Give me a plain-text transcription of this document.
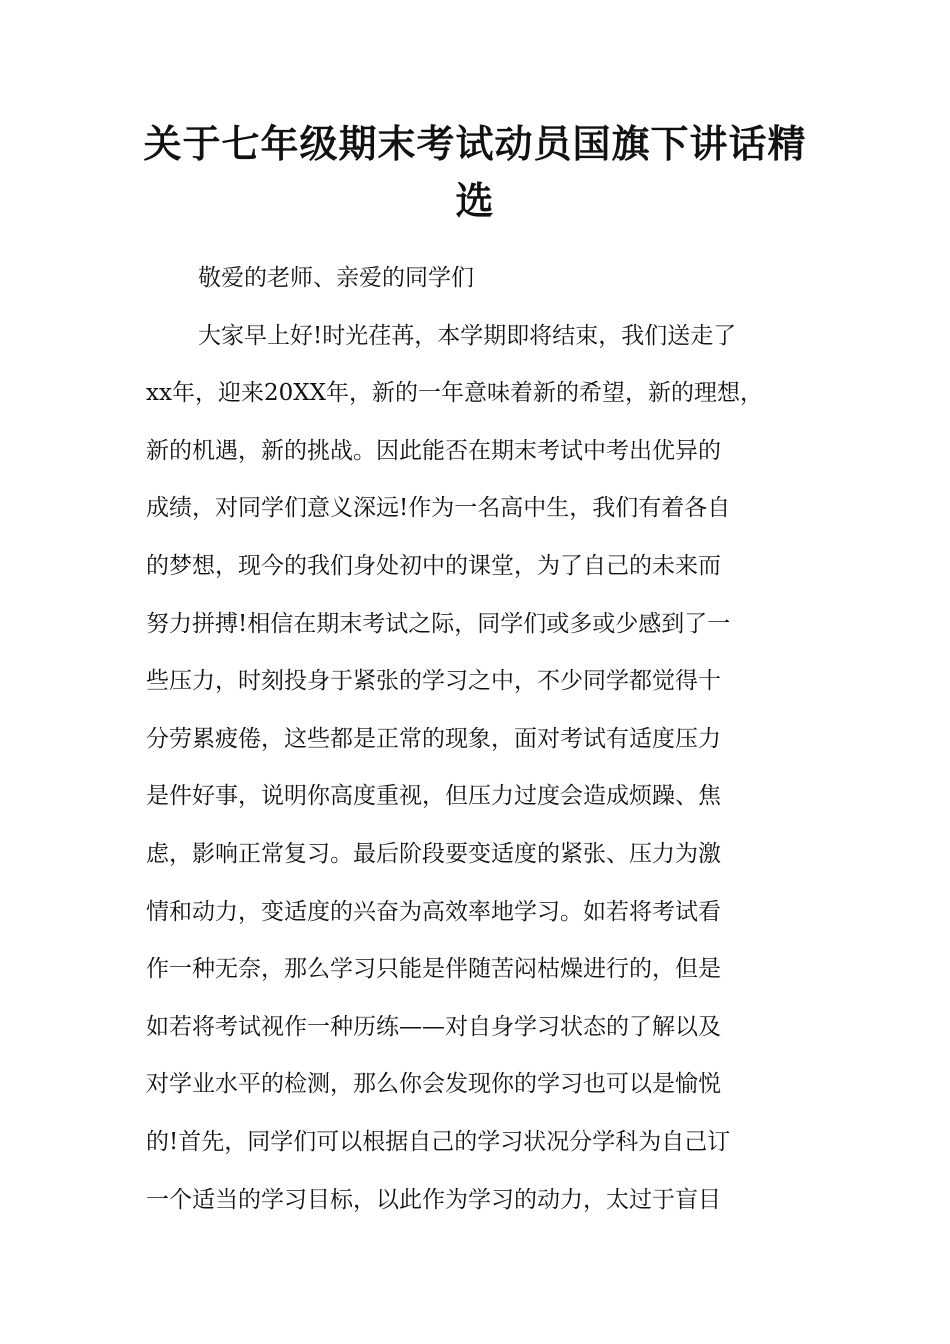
关于七年级期末考试动员国旗下讲话精选
敬爱的老师、亲爱的同学们
大家早上好!时光荏苒，本学期即将结束，我们送走了
xx年，迎来20XX年，新的一年意味着新的希望，新的理想，
新的机遇，新的挑战。因此能否在期末考试中考出优异的
成绩，对同学们意义深远!作为一名高中生，我们有着各自
的梦想，现今的我们身处初中的课堂，为了自己的未来而
努力拼搏!相信在期末考试之际，同学们或多或少感到了一
些压力，时刻投身于紧张的学习之中，不少同学都觉得十
分劳累疲倦，这些都是正常的现象，面对考试有适度压力
是件好事，说明你高度重视，但压力过度会造成烦躁、焦
虑，影响正常复习。最后阶段要变适度的紧张、压力为激
情和动力，变适度的兴奋为高效率地学习。如若将考试看
作一种无奈，那么学习只能是伴随苦闷枯燥进行的，但是
如若将考试视作一种历练——对自身学习状态的了解以及
对学业水平的检测，那么你会发现你的学习也可以是愉悦
的!首先，同学们可以根据自己的学习状况分学科为自己订
一个适当的学习目标，以此作为学习的动力，太过于盲目
